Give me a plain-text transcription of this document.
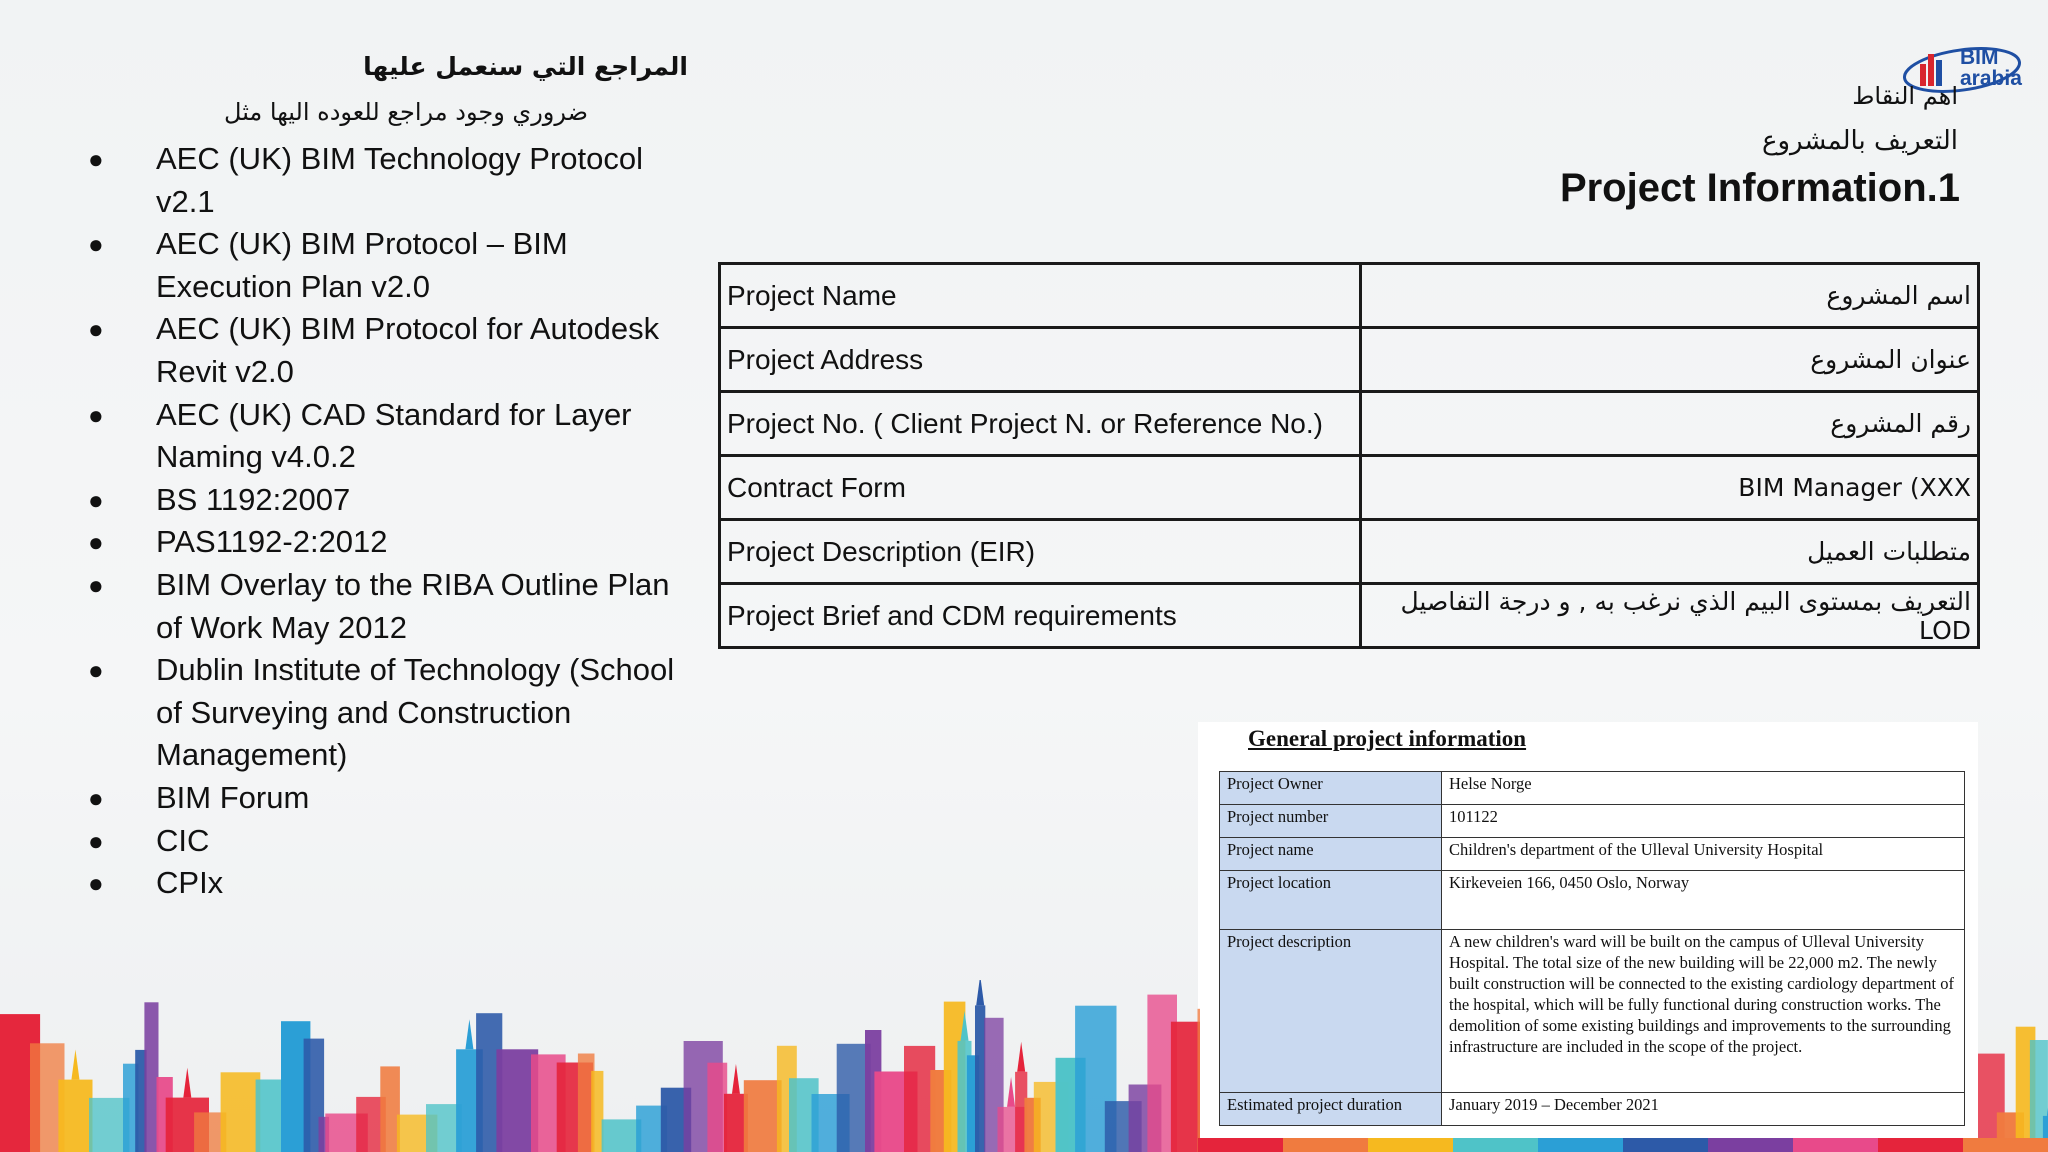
المراجع التي سنعمل عليها
ضروري وجود مراجع للعوده اليها مثل
● AEC (UK) BIM Technology Protocol v2.1
● AEC (UK) BIM Protocol – BIM Execution Plan v2.0
● AEC (UK) BIM Protocol for Autodesk Revit v2.0
● AEC (UK) CAD Standard for Layer Naming v4.0.2
● BS 1192:2007
● PAS1192-2:2012
● BIM Overlay to the RIBA Outline Plan of Work May 2012
● Dublin Institute of Technology (School of Surveying and Construction Management)
● BIM Forum
● CIC
● CPIx
BIM
arabia
اهم النقاط
التعريف بالمشروع
Project Information.1
Project Name	اسم المشروع
Project Address	عنوان المشروع
Project No. ( Client Project N. or Reference No.)	رقم المشروع
Contract Form	BIM Manager (XXX
Project Description (EIR)	متطلبات العميل
Project Brief and CDM requirements	التعريف بمستوى البيم الذي نرغب به , و درجة التفاصيل LOD
General project information
Project Owner	Helse Norge
Project number	101122
Project name	Children's department of the Ulleval University Hospital
Project location	Kirkeveien 166, 0450 Oslo, Norway
Project description	A new children's ward will be built on the campus of Ulleval University Hospital. The total size of the new building will be 22,000 m2. The newly built construction will be connected to the existing cardiology department of the hospital, which will be fully functional during construction works. The demolition of some existing buildings and improvements to the surrounding infrastructure are included in the scope of the project.
Estimated project duration	January 2019 – December 2021
